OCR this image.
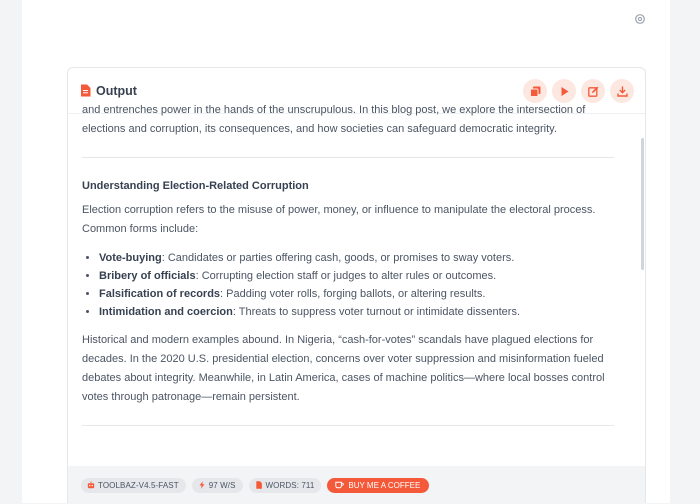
Output

and entrenches power in the hands of the unscrupulous. In this blog post, we explore the intersection of elections and corruption, its consequences, and how societies can safeguard democratic integrity.

Understanding Election-Related Corruption

Election corruption refers to the misuse of power, money, or influence to manipulate the electoral process. Common forms include:

• Vote-buying: Candidates or parties offering cash, goods, or promises to sway voters.
• Bribery of officials: Corrupting election staff or judges to alter rules or outcomes.
• Falsification of records: Padding voter rolls, forging ballots, or altering results.
• Intimidation and coercion: Threats to suppress voter turnout or intimidate dissenters.

Historical and modern examples abound. In Nigeria, “cash-for-votes” scandals have plagued elections for decades. In the 2020 U.S. presidential election, concerns over voter suppression and misinformation fueled debates about integrity. Meanwhile, in Latin America, cases of machine politics—where local bosses control votes through patronage—remain persistent.

TOOLBAZ-V4.5-FAST	97 W/S	WORDS: 711	BUY ME A COFFEE
